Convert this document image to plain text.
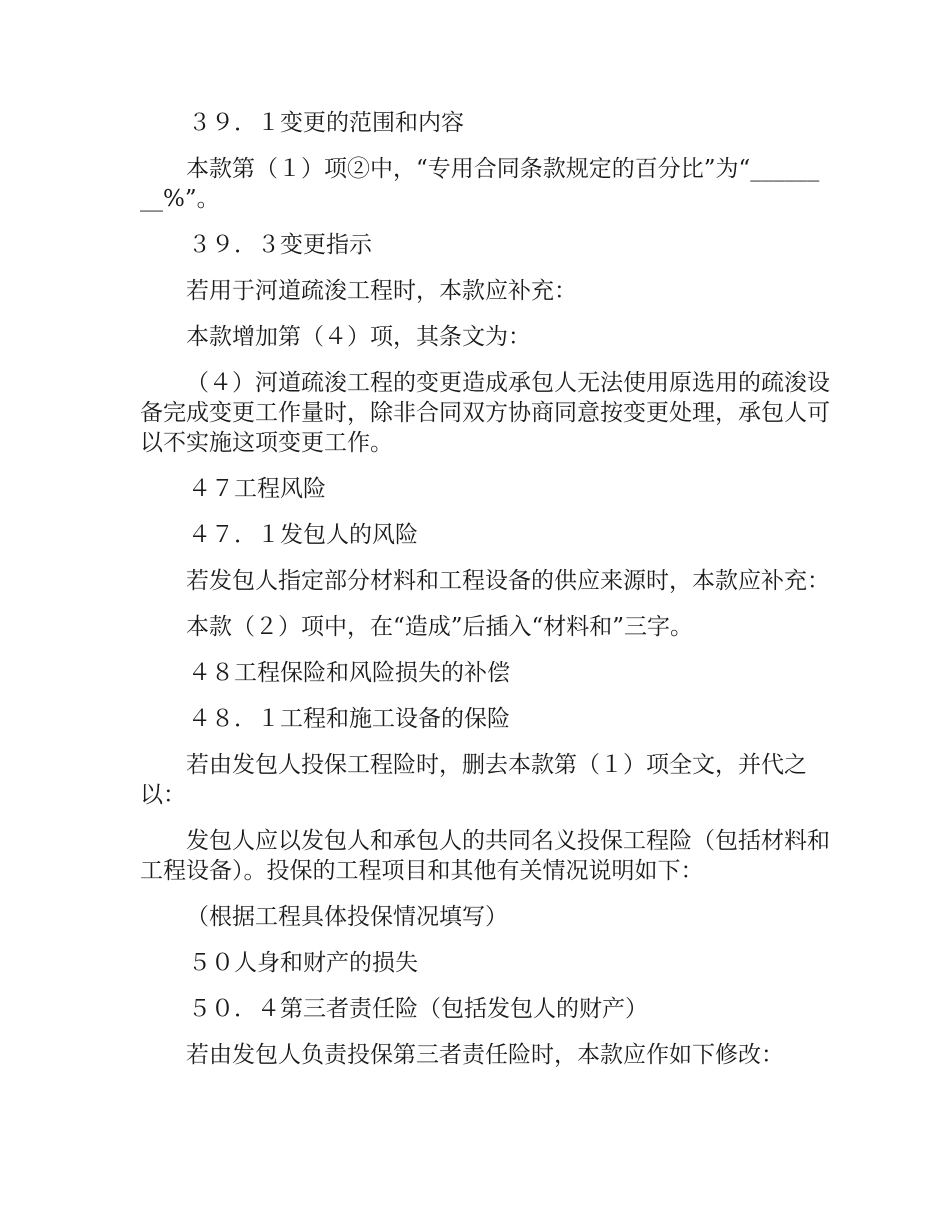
３９．１变更的范围和内容

本款第（１）项②中，“专用合同条款规定的百分比”为“________%”。

３９．３变更指示

若用于河道疏浚工程时，本款应补充：

本款增加第（４）项，其条文为：

（４）河道疏浚工程的变更造成承包人无法使用原选用的疏浚设备完成变更工作量时，除非合同双方协商同意按变更处理，承包人可以不实施这项变更工作。

４７工程风险

４７．１发包人的风险

若发包人指定部分材料和工程设备的供应来源时，本款应补充：

本款（２）项中，在“造成”后插入“材料和”三字。

４８工程保险和风险损失的补偿

４８．１工程和施工设备的保险

若由发包人投保工程险时，删去本款第（１）项全文，并代之以：

发包人应以发包人和承包人的共同名义投保工程险（包括材料和工程设备）。投保的工程项目和其他有关情况说明如下：

（根据工程具体投保情况填写）

５０人身和财产的损失

５０．４第三者责任险（包括发包人的财产）

若由发包人负责投保第三者责任险时，本款应作如下修改：
